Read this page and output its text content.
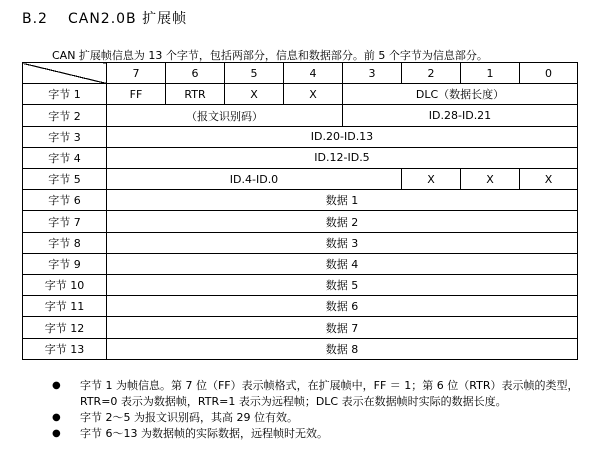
B.2 CAN2.0B 扩展帧
CAN 扩展帧信息为 13 个字节，包括两部分，信息和数据部分。前 5 个字节为信息部分。
	7	6	5	4	3	2	1	0
字节 1	FF	RTR	X	X	DLC（数据长度）			
字节 2	（报文识别码）				ID.28-ID.21			
字节 3	ID.20-ID.13							
字节 4	ID.12-ID.5							
字节 5	ID.4-ID.0					X	X	X
字节 6	数据 1							
字节 7	数据 2							
字节 8	数据 3							
字节 9	数据 4							
字节 10	数据 5							
字节 11	数据 6							
字节 12	数据 7							
字节 13	数据 8							
● 字节 1 为帧信息。第 7 位（FF）表示帧格式，在扩展帧中，FF ＝ 1；第 6 位（RTR）表示帧的类型，RTR=0 表示为数据帧，RTR=1 表示为远程帧；DLC 表示在数据帧时实际的数据长度。
● 字节 2～5 为报文识别码，其高 29 位有效。
● 字节 6～13 为数据帧的实际数据，远程帧时无效。
